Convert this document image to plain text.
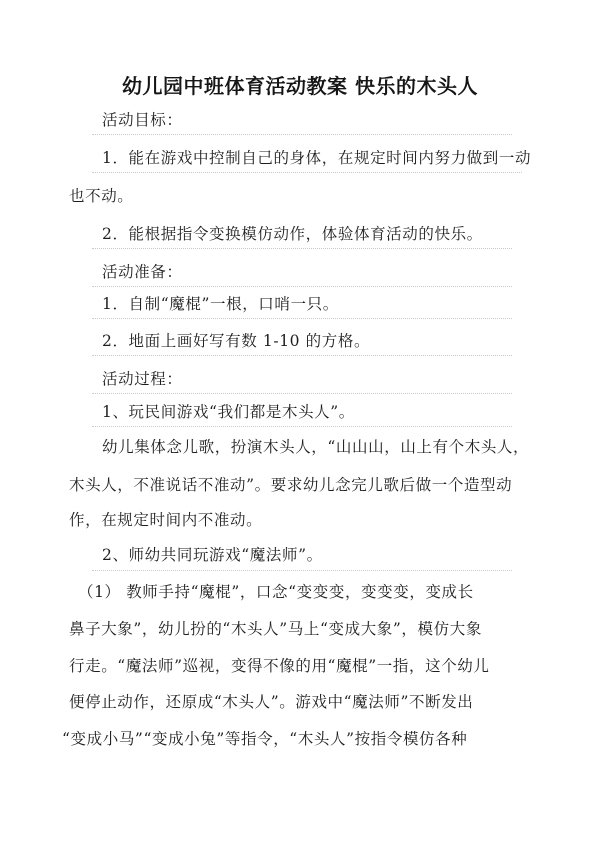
幼儿园中班体育活动教案 快乐的木头人
活动目标：
1．能在游戏中控制自己的身体，在规定时间内努力做到一动
也不动。
2．能根据指令变换模仿动作，体验体育活动的快乐。
活动准备：
1．自制“魔棍”一根，口哨一只。
2．地面上画好写有数 1-10 的方格。
活动过程：
1、玩民间游戏“我们都是木头人”。
幼儿集体念儿歌，扮演木头人，“山山山，山上有个木头人，
木头人，不准说话不准动”。要求幼儿念完儿歌后做一个造型动
作，在规定时间内不准动。
2、师幼共同玩游戏“魔法师”。
（1） 教师手持“魔棍”，口念“变变变，变变变，变成长
鼻子大象”，幼儿扮的“木头人”马上“变成大象”，模仿大象
行走。“魔法师”巡视，变得不像的用“魔棍”一指，这个幼儿
便停止动作，还原成“木头人”。游戏中“魔法师”不断发出
“变成小马”“变成小兔”等指令，“木头人”按指令模仿各种
